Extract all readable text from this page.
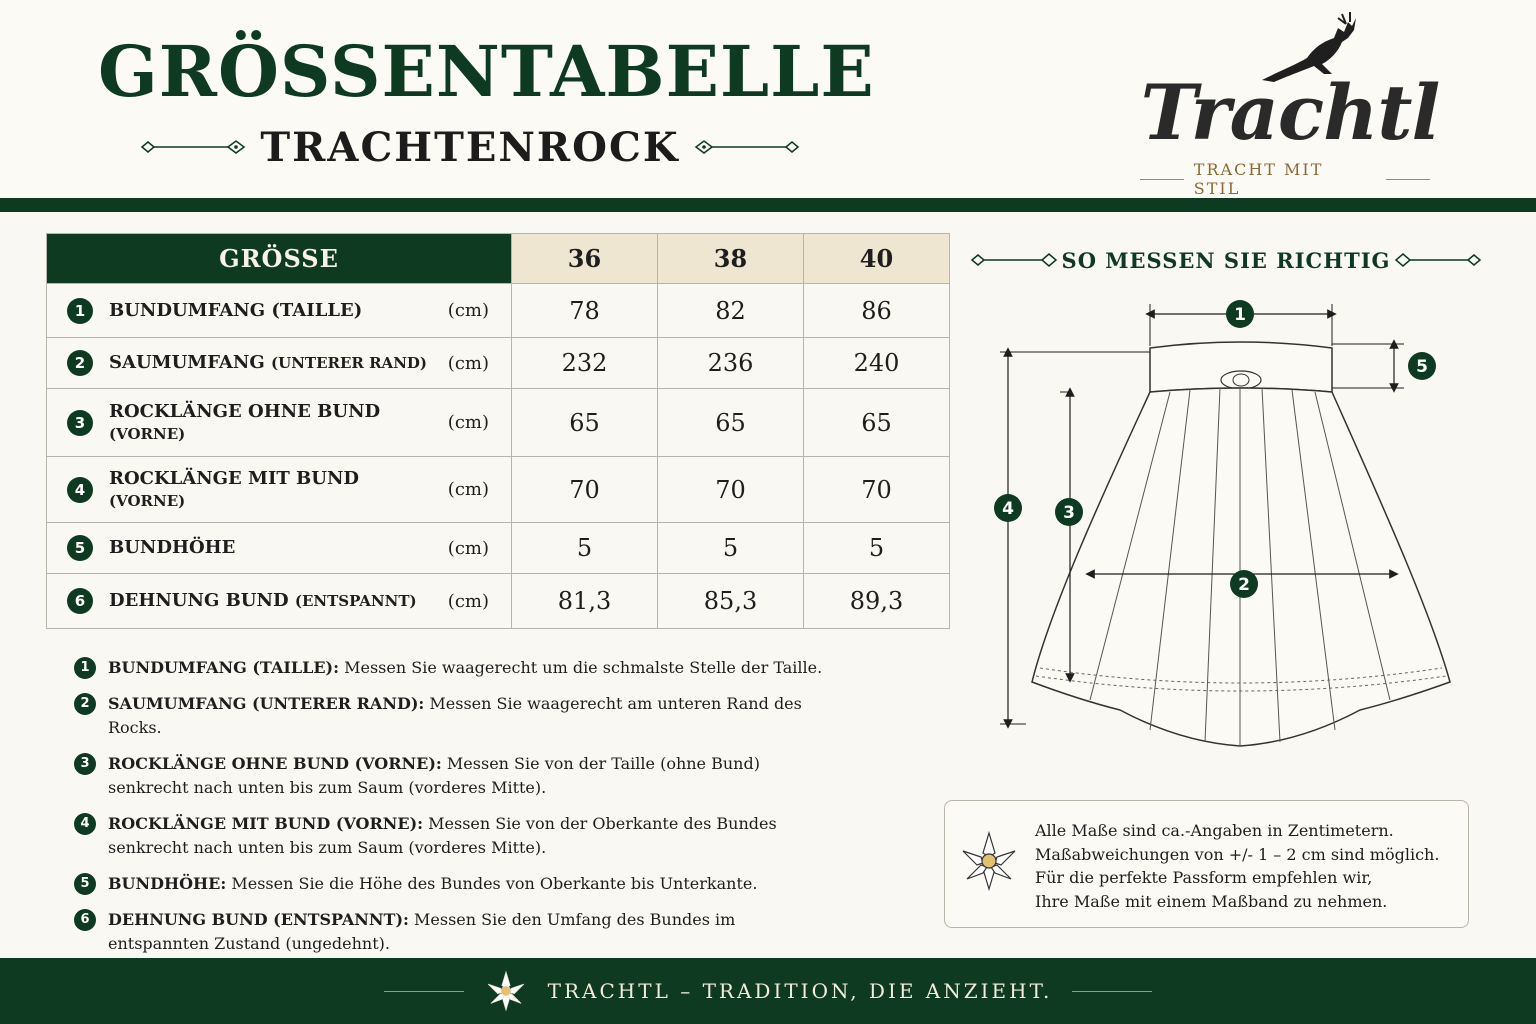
GRÖSSENTABELLE
TRACHTENROCK	Trachtl
TRACHT MIT STIL
GRÖSSE	36	38	40

1 BUNDUMFANG (TAILLE) (cm)	78	82	86

2 SAUMUMFANG (UNTERER RAND) (cm)	232	236	240

3
ROCKLÄNGE OHNE BUND
(VORNE)
(cm)	65	65	65

4
ROCKLÄNGE MIT BUND
(VORNE)
(cm)	70	70	70

5 BUNDHÖHE (cm)	5	5	5

6 DEHNUNG BUND (ENTSPANNT) (cm)	81,3	85,3	89,3
1	BUNDUMFANG (TAILLE): Messen Sie waagerecht um die schmalste Stelle der Taille.
2	SAUMUMFANG (UNTERER RAND): Messen Sie waagerecht am unteren Rand des Rocks.
3	ROCKLÄNGE OHNE BUND (VORNE): Messen Sie von der Taille (ohne Bund) senkrecht nach unten bis zum Saum (vorderes Mitte).
4	ROCKLÄNGE MIT BUND (VORNE): Messen Sie von der Oberkante des Bundes senkrecht nach unten bis zum Saum (vorderes Mitte).
5	BUNDHÖHE: Messen Sie die Höhe des Bundes von Oberkante bis Unterkante.
6	DEHNUNG BUND (ENTSPANNT): Messen Sie den Umfang des Bundes im entspannten Zustand (ungedehnt).
SO MESSEN SIE RICHTIG
1
2
3
4
5
Alle Maße sind ca.-Angaben in Zentimetern.
Maßabweichungen von +/- 1 – 2 cm sind möglich.
Für die perfekte Passform empfehlen wir,
Ihre Maße mit einem Maßband zu nehmen.
TRACHTL – TRADITION, DIE ANZIEHT.
